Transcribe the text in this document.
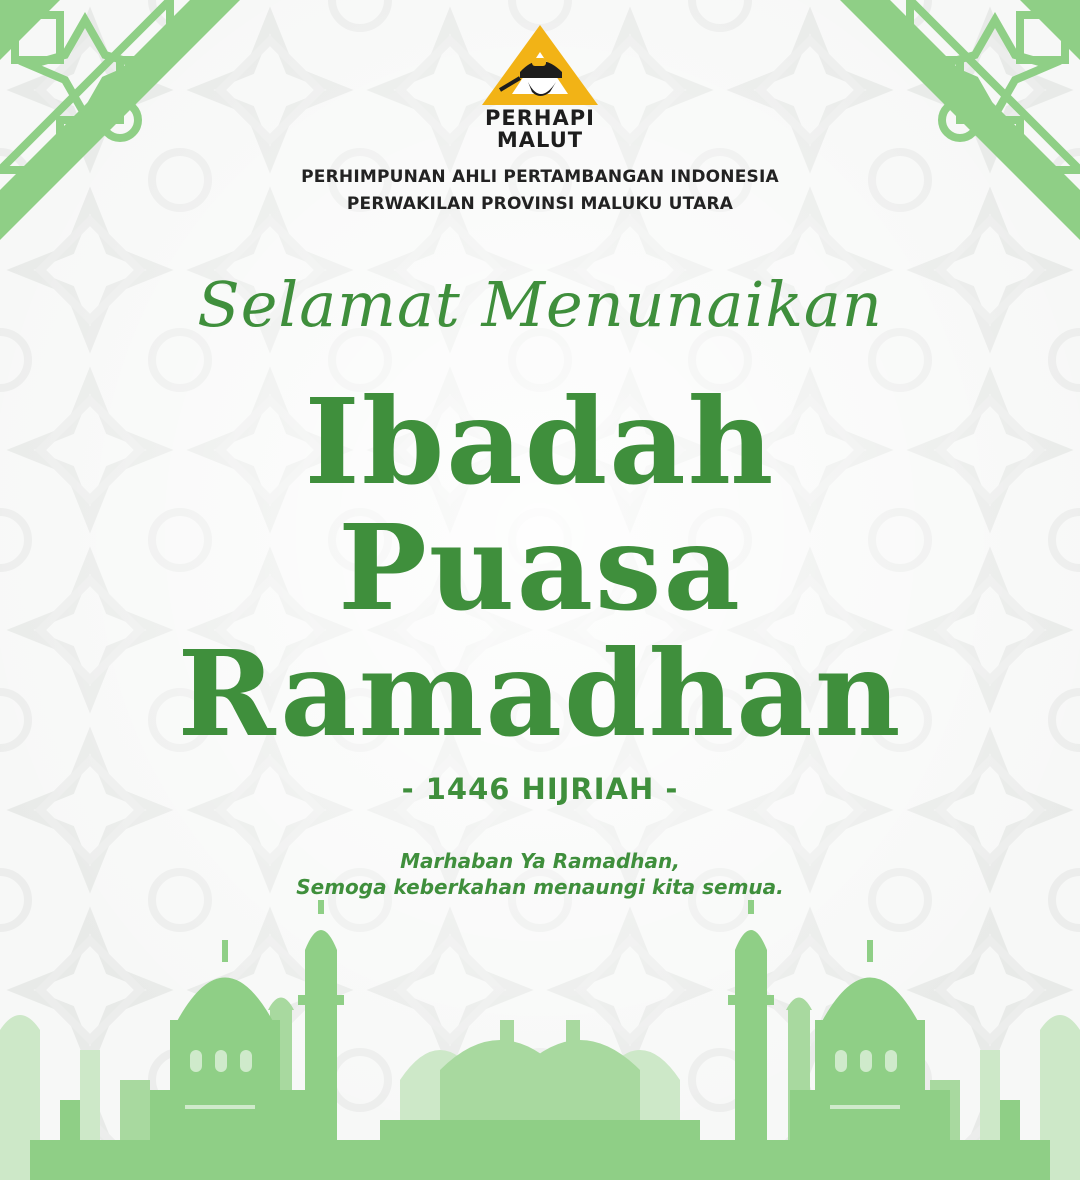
PERHAPI
MALUT
PERHIMPUNAN AHLI PERTAMBANGAN INDONESIA
PERWAKILAN PROVINSI MALUKU UTARA
Selamat Menunaikan
Ibadah
Puasa
Ramadhan
- 1446 HIJRIAH -
Marhaban Ya Ramadhan,
Semoga keberkahan menaungi kita semua.
